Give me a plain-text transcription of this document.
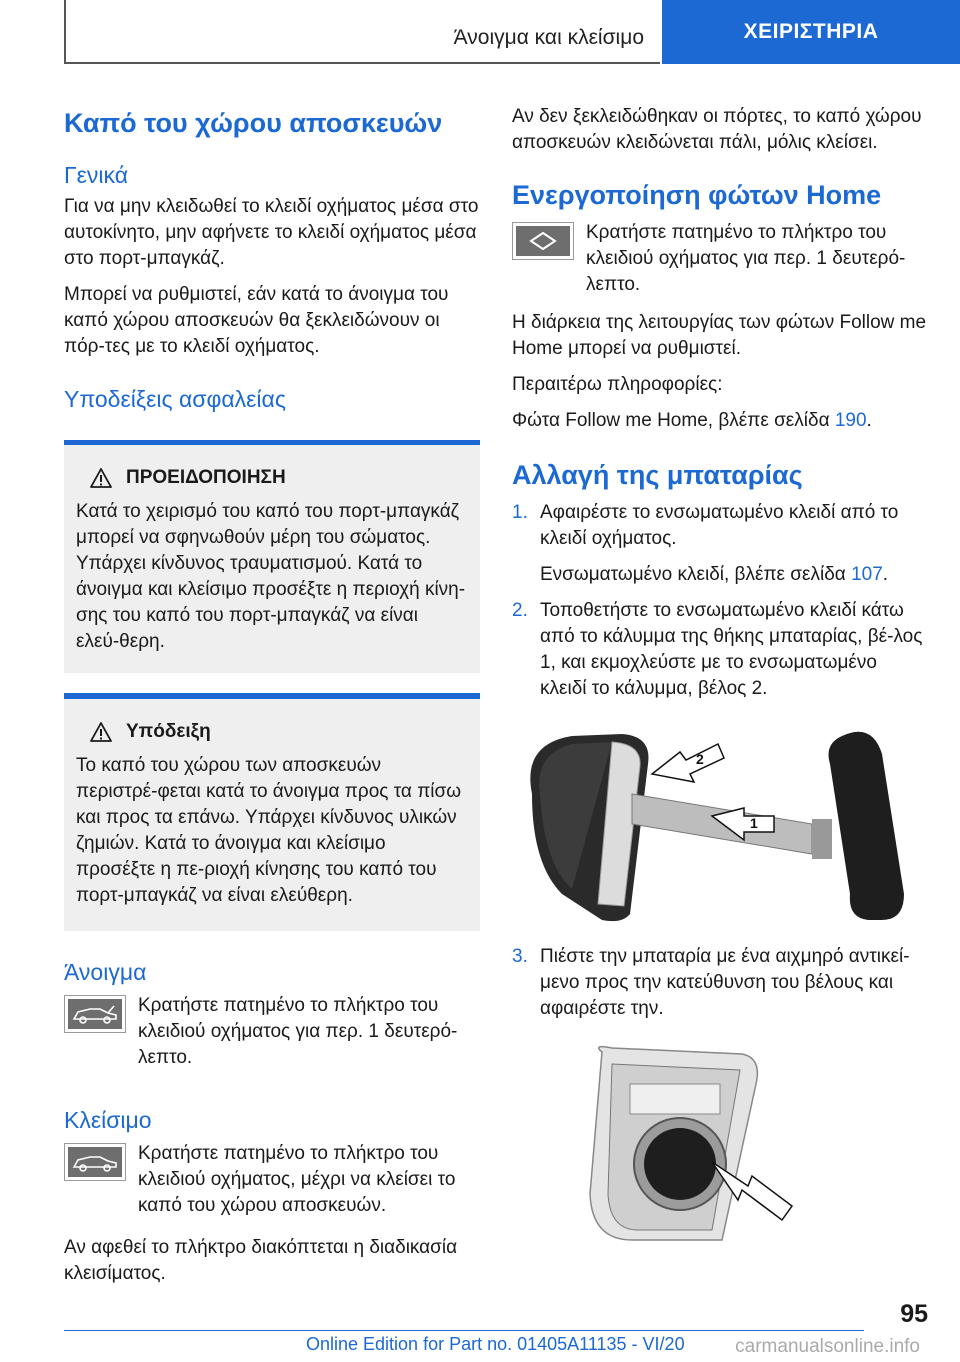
Άνοιγμα και κλείσιμο	ΧΕΙΡΙΣΤΗΡΙΑ
Καπό του χώρου αποσκευών
Γενικά

Για να μην κλειδωθεί το κλειδί οχήματος μέσα στο αυτοκίνητο, μην αφήνετε το κλειδί οχήματος μέσα στο πορτ-μπαγκάζ.

Μπορεί να ρυθμιστεί, εάν κατά το άνοιγμα του καπό χώρου αποσκευών θα ξεκλειδώνουν οι πόρ-τες με το κλειδί οχήματος.

Υποδείξεις ασφαλείας
ΠΡΟΕΙΔΟΠΟΙΗΣΗ

Κατά το χειρισμό του καπό του πορτ-μπαγκάζ μπορεί να σφηνωθούν μέρη του σώματος. Υπάρχει κίνδυνος τραυματισμού. Κατά το άνοιγμα και κλείσιμο προσέξτε η περιοχή κίνη-σης του καπό του πορτ-μπαγκάζ να είναι ελεύ-θερη.

Υπόδειξη

Το καπό του χώρου των αποσκευών περιστρέ-φεται κατά το άνοιγμα προς τα πίσω και προς τα επάνω. Υπάρχει κίνδυνος υλικών ζημιών. Κατά το άνοιγμα και κλείσιμο προσέξτε η πε-ριοχή κίνησης του καπό του πορτ-μπαγκάζ να είναι ελεύθερη.

Άνοιγμα

Κρατήστε πατημένο το πλήκτρο του κλειδιού οχήματος για περ. 1 δευτερό-λεπτο.

Κλείσιμο

Κρατήστε πατημένο το πλήκτρο του κλειδιού οχήματος, μέχρι να κλείσει το καπό του χώρου αποσκευών.

Αν αφεθεί το πλήκτρο διακόπτεται η διαδικασία κλεισίματος.

Αν δεν ξεκλειδώθηκαν οι πόρτες, το καπό χώρου αποσκευών κλειδώνεται πάλι, μόλις κλείσει.

Ενεργοποίηση φώτων Home

Κρατήστε πατημένο το πλήκτρο του κλειδιού οχήματος για περ. 1 δευτερό-λεπτο.

Η διάρκεια της λειτουργίας των φώτων Follow me Home μπορεί να ρυθμιστεί.

Περαιτέρω πληροφορίες:

Φώτα Follow me Home, βλέπε σελίδα 190.

Αλλαγή της μπαταρίας
1. Αφαιρέστε το ενσωματωμένο κλειδί από το κλειδί οχήματος.

Ενσωματωμένο κλειδί, βλέπε σελίδα 107.

2. Τοποθετήστε το ενσωματωμένο κλειδί κάτω από το κάλυμμα της θήκης μπαταρίας, βέ-λος 1, και εκμοχλεύστε με το ενσωματωμένο κλειδί το κάλυμμα, βέλος 2.

1
2
3. Πιέστε την μπαταρία με ένα αιχμηρό αντικεί-μενο προς την κατεύθυνση του βέλους και αφαιρέστε την.

95
Online Edition for Part no. 01405A11135 - VI/20	carmanualsonline.info
